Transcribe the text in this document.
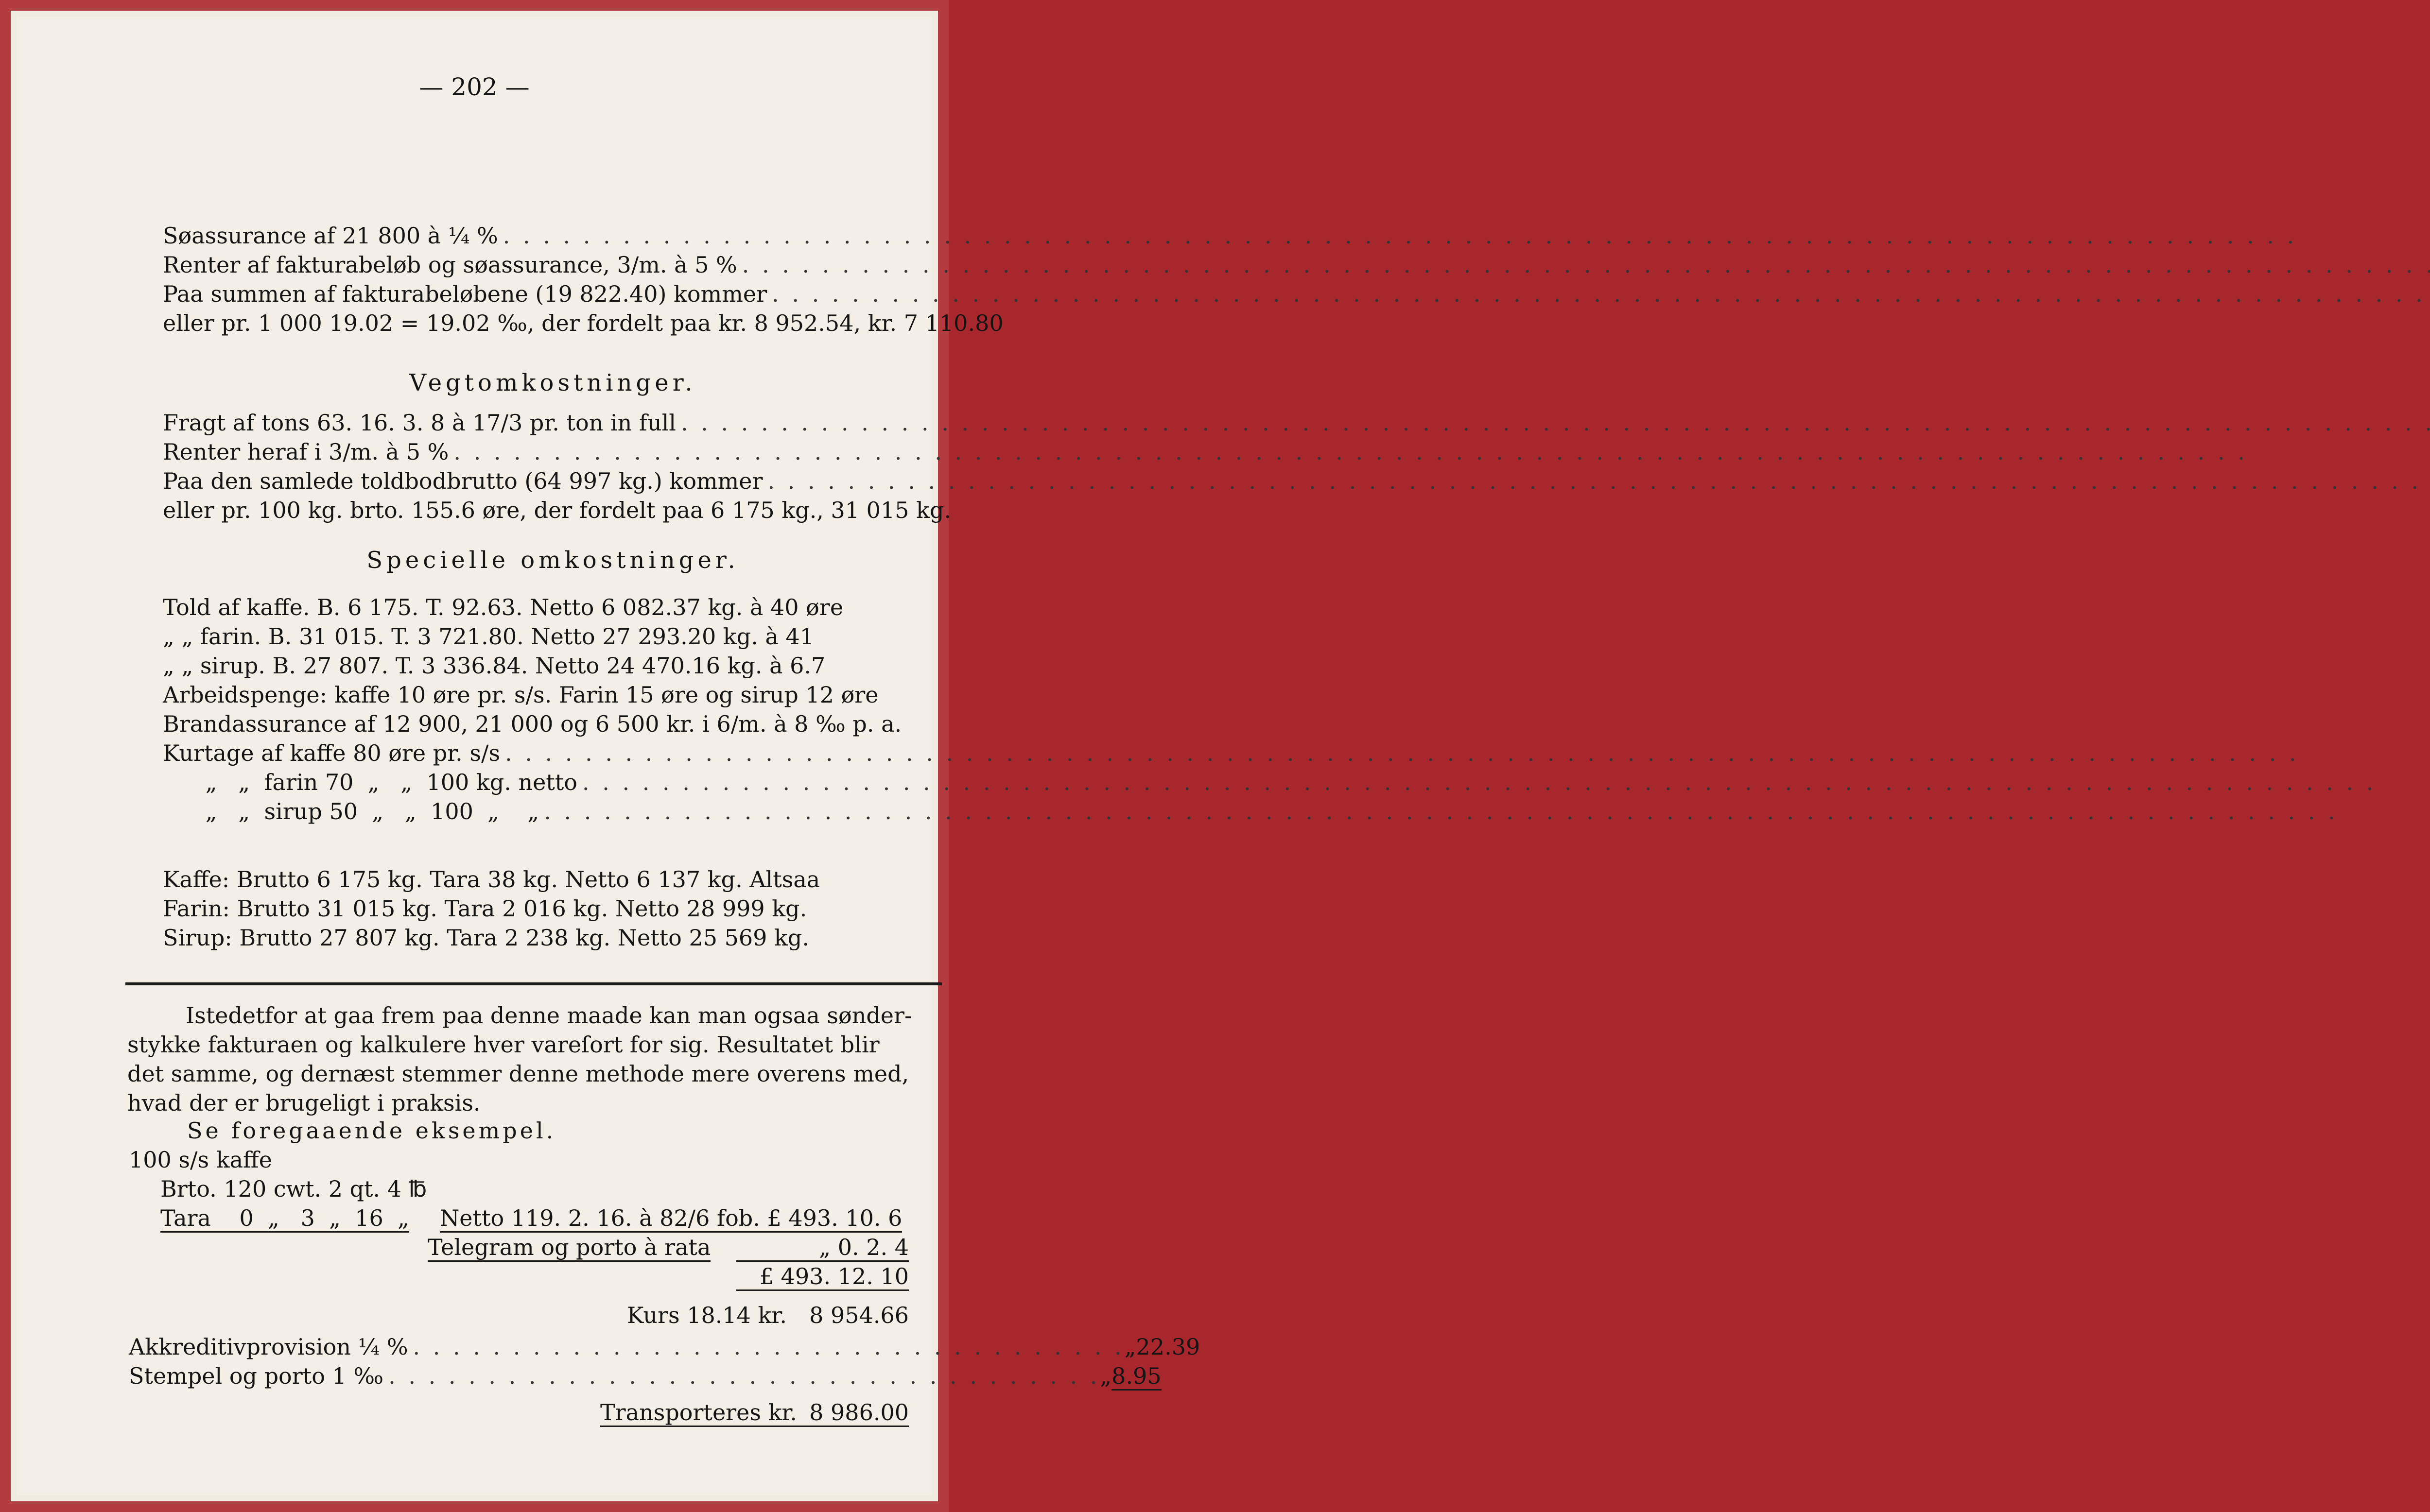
— 202 —
Søassurance af 21 800 à ¼ %
. . .
Renter af fakturabeløb og søassurance, 3/m. à 5 %
. . .
Paa summen af fakturabeløbene (19 822.40) kommer
. . .
eller pr. 1 000 19.02 = 19.02 ‰, der fordelt paa kr. 8 952.54, kr. 7 110.80
Vegtomkostninger.
Fragt af tons 63. 16. 3. 8 à 17/3 pr. ton in full
. . .
Renter heraf i 3/m. à 5 %
. . .
Paa den samlede toldbodbrutto (64 997 kg.) kommer
. . .
eller pr. 100 kg. brto. 155.6 øre, der fordelt paa 6 175 kg., 31 015 kg.
Specielle omkostninger.
Told af kaffe. B. 6 175. T. 92.63. Netto 6 082.37 kg. à 40 øre
„ „ farin. B. 31 015. T. 3 721.80. Netto 27 293.20 kg. à 41
„ „ sirup. B. 27 807. T. 3 336.84. Netto 24 470.16 kg. à 6.7
Arbeidspenge: kaffe 10 øre pr. s/s. Farin 15 øre og sirup 12 øre
Brandassurance af 12 900, 21 000 og 6 500 kr. i 6/m. à 8 ‰ p. a.
Kurtage af kaffe 80 øre pr. s/s
. . .
„   „  farin 70  „   „  100 kg. netto
. . .
„   „  sirup 50  „   „  100  „    „
. . .
Kaffe: Brutto 6 175 kg. Tara 38 kg. Netto 6 137 kg. Altsaa
Farin: Brutto 31 015 kg. Tara 2 016 kg. Netto 28 999 kg.
Sirup: Brutto 27 807 kg. Tara 2 238 kg. Netto 25 569 kg.
Istedetfor at gaa frem paa denne maade kan man ogsaa sønder-
stykke fakturaen og kalkulere hver vareſort for sig. Resultatet blir
det samme, og dernæst stemmer denne methode mere overens med,
hvad der er brugeligt i praksis.
Se foregaaende eksempel.
100 s/s kaffe
Brto. 120 cwt. 2 qt. 4 ℔
Tara    0  „   3  „  16  „ Netto 119. 2. 16. à 82/6 fob. £ 493. 10. 6
Telegram og porto à rata	„ 0. 2. 4
£ 493. 12. 10
Kurs 18.14 kr.	8 954.66
Akkreditivprovision ¼ % . . . . . . . . . . . . . . . . . . . . . . . . . . . . . . . . . . . . „ 22.39
Stempel og porto 1 ‰ . . . . . . . . . . . . . . . . . . . . . . . . . . . . . . . . . . . . „ 8.95
Transporteres kr. 8 986.00
